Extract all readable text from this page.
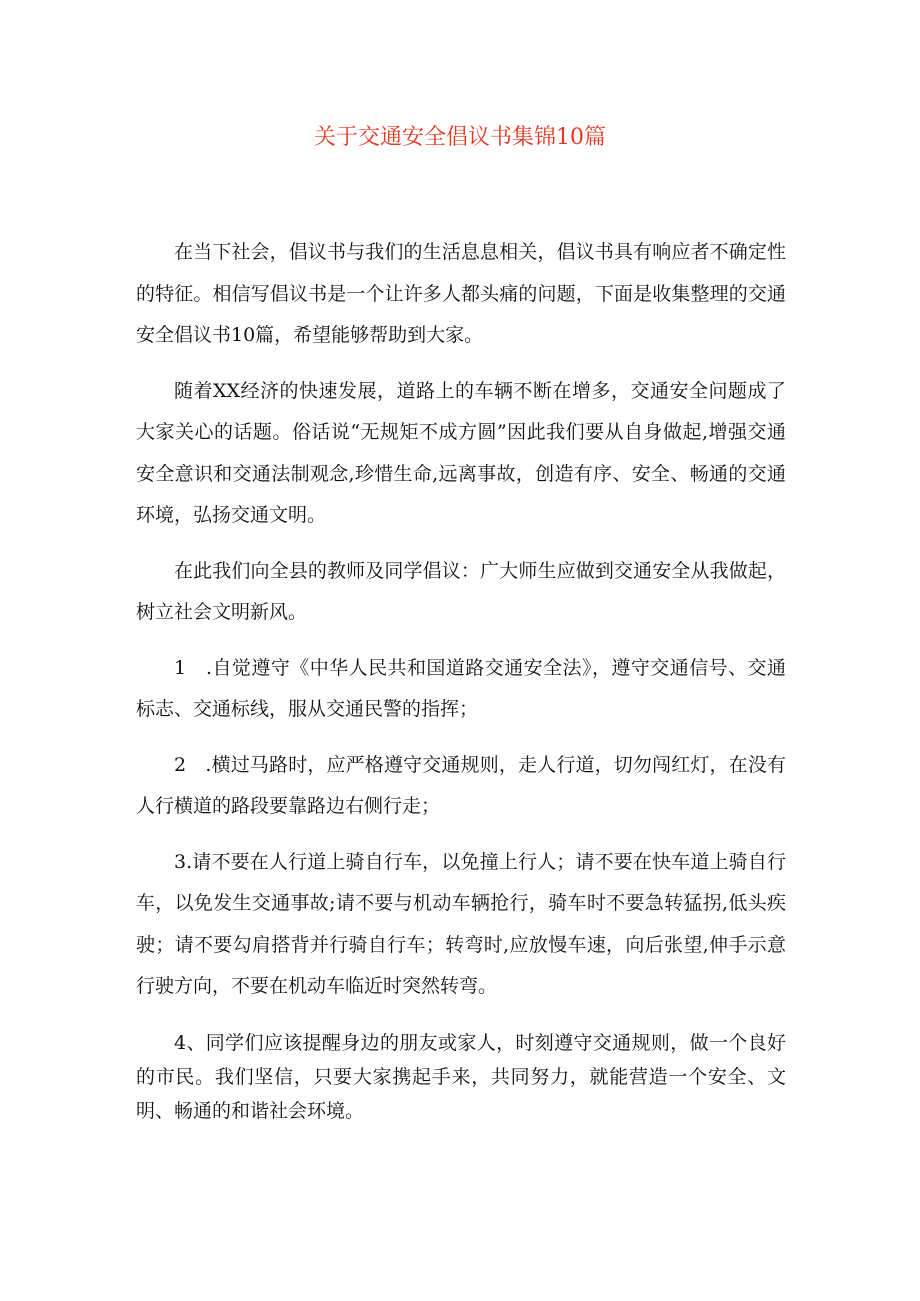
关于交通安全倡议书集锦10篇

在当下社会，倡议书与我们的生活息息相关，倡议书具有响应者不确定性的特征。相信写倡议书是一个让许多人都头痛的问题，下面是收集整理的交通安全倡议书10篇，希望能够帮助到大家。

随着XX经济的快速发展，道路上的车辆不断在增多，交通安全问题成了大家关心的话题。俗话说“无规矩不成方圆”因此我们要从自身做起,增强交通安全意识和交通法制观念,珍惜生命,远离事故，创造有序、安全、畅通的交通环境，弘扬交通文明。

在此我们向全县的教师及同学倡议：广大师生应做到交通安全从我做起，树立社会文明新风。

1　.自觉遵守《中华人民共和国道路交通安全法》，遵守交通信号、交通标志、交通标线，服从交通民警的指挥；

2　.横过马路时，应严格遵守交通规则，走人行道，切勿闯红灯，在没有人行横道的路段要靠路边右侧行走；

3.请不要在人行道上骑自行车，以免撞上行人；请不要在快车道上骑自行车，以免发生交通事故;请不要与机动车辆抢行，骑车时不要急转猛拐,低头疾驶；请不要勾肩搭背并行骑自行车；转弯时,应放慢车速，向后张望,伸手示意行驶方向，不要在机动车临近时突然转弯。

4、同学们应该提醒身边的朋友或家人，时刻遵守交通规则，做一个良好的市民。我们坚信，只要大家携起手来，共同努力，就能营造一个安全、文明、畅通的和谐社会环境。
